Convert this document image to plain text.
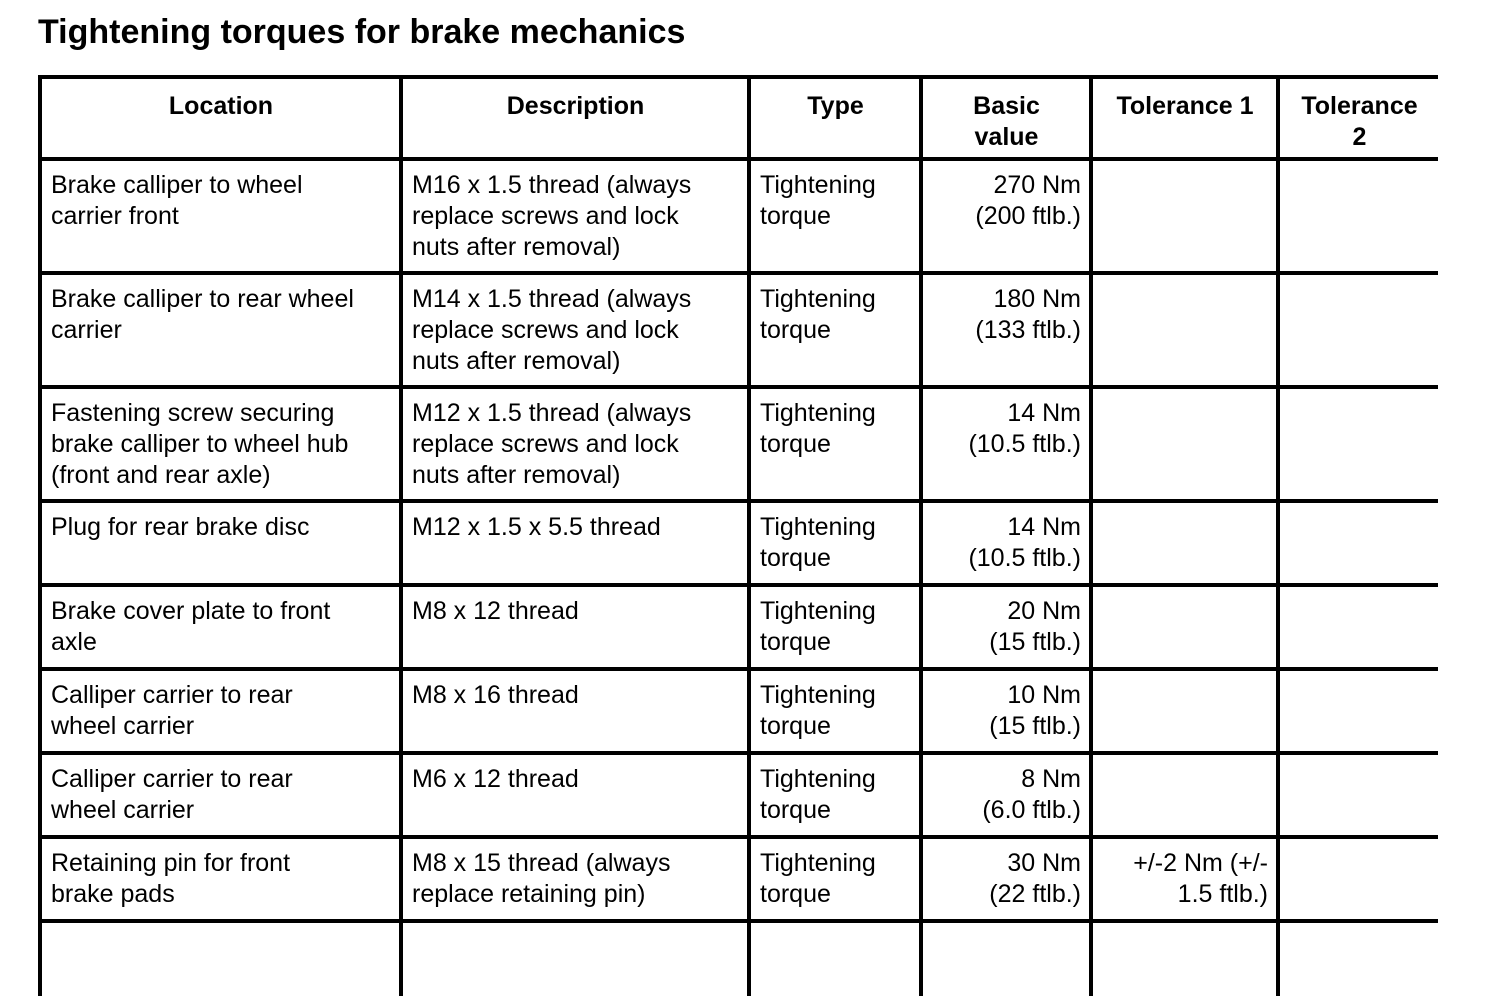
Tightening torques for brake mechanics
Location	Description	Type	Basic
value	Tolerance 1	Tolerance
2

Brake calliper to wheel
carrier front	M16 x 1.5 thread (always
replace screws and lock
nuts after removal)	Tightening
torque	270 Nm
(200 ftlb.)		

Brake calliper to rear wheel
carrier	M14 x 1.5 thread (always
replace screws and lock
nuts after removal)	Tightening
torque	180 Nm
(133 ftlb.)		

Fastening screw securing
brake calliper to wheel hub
(front and rear axle)	M12 x 1.5 thread (always
replace screws and lock
nuts after removal)	Tightening
torque	14 Nm
(10.5 ftlb.)		

Plug for rear brake disc	M12 x 1.5 x 5.5 thread	Tightening
torque	14 Nm
(10.5 ftlb.)		

Brake cover plate to front
axle	M8 x 12 thread	Tightening
torque	20 Nm
(15 ftlb.)		

Calliper carrier to rear
wheel carrier	M8 x 16 thread	Tightening
torque	10 Nm
(15 ftlb.)		

Calliper carrier to rear
wheel carrier	M6 x 12 thread	Tightening
torque	8 Nm
(6.0 ftlb.)		

Retaining pin for front
brake pads	M8 x 15 thread (always
replace retaining pin)	Tightening
torque	30 Nm
(22 ftlb.)	+/-2 Nm (+/-
1.5 ftlb.)	
